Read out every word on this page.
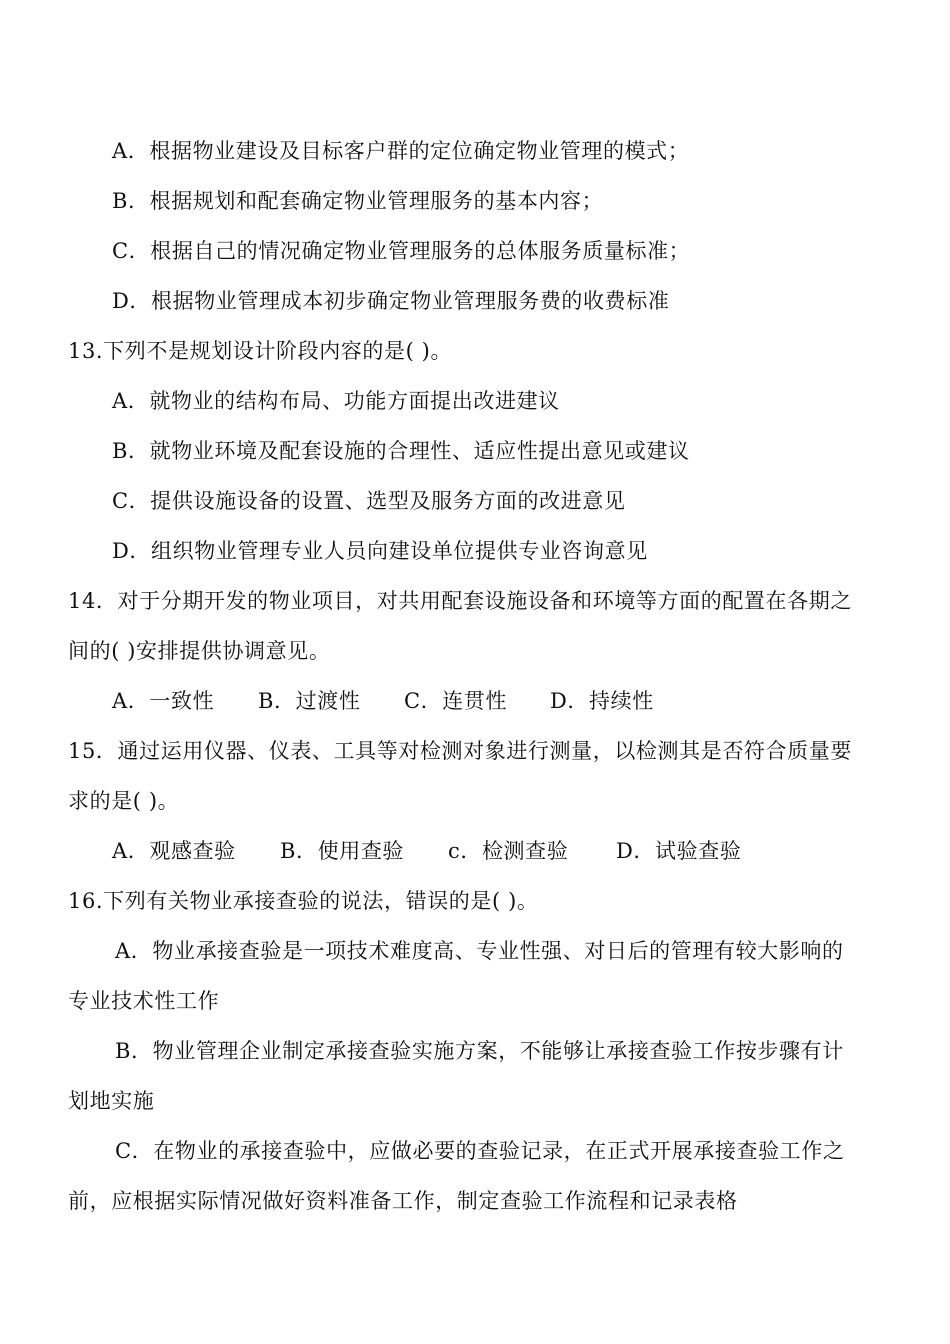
A．根据物业建设及目标客户群的定位确定物业管理的模式；
B．根据规划和配套确定物业管理服务的基本内容；
C．根据自己的情况确定物业管理服务的总体服务质量标准；
D．根据物业管理成本初步确定物业管理服务费的收费标准
13.下列不是规划设计阶段内容的是( )。
A．就物业的结构布局、功能方面提出改进建议
B．就物业环境及配套设施的合理性、适应性提出意见或建议
C．提供设施设备的设置、选型及服务方面的改进意见
D．组织物业管理专业人员向建设单位提供专业咨询意见
14．对于分期开发的物业项目，对共用配套设施设备和环境等方面的配置在各期之
间的( )安排提供协调意见。
A．一致性 B．过渡性 C．连贯性 D．持续性
15．通过运用仪器、仪表、工具等对检测对象进行测量，以检测其是否符合质量要
求的是( )。
A．观感查验 B．使用查验 c．检测查验 D．试验查验
16.下列有关物业承接查验的说法，错误的是( )。
A．物业承接查验是一项技术难度高、专业性强、对日后的管理有较大影响的
专业技术性工作
B．物业管理企业制定承接查验实施方案，不能够让承接查验工作按步骤有计
划地实施
C．在物业的承接查验中，应做必要的查验记录，在正式开展承接查验工作之
前，应根据实际情况做好资料准备工作，制定查验工作流程和记录表格
